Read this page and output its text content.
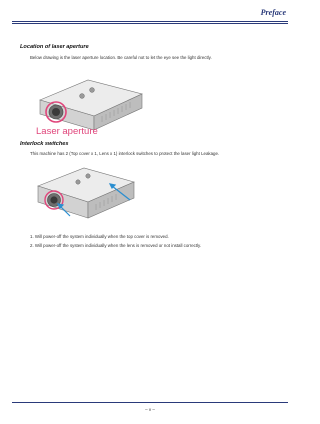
Preface
Location of laser aperture
Below drawing is the laser aperture location. Be careful not to let the eye see the light directly.
Laser aperture
Interlock switches
This machine has 2 (Top cover x 1, Lens x 1) interlock switches to protect the laser light Leakage.
1. Will power-off the system individually when the top cover is removed.
2. Will power-off the system individually when the lens is removed or not install correctly.
– v –
